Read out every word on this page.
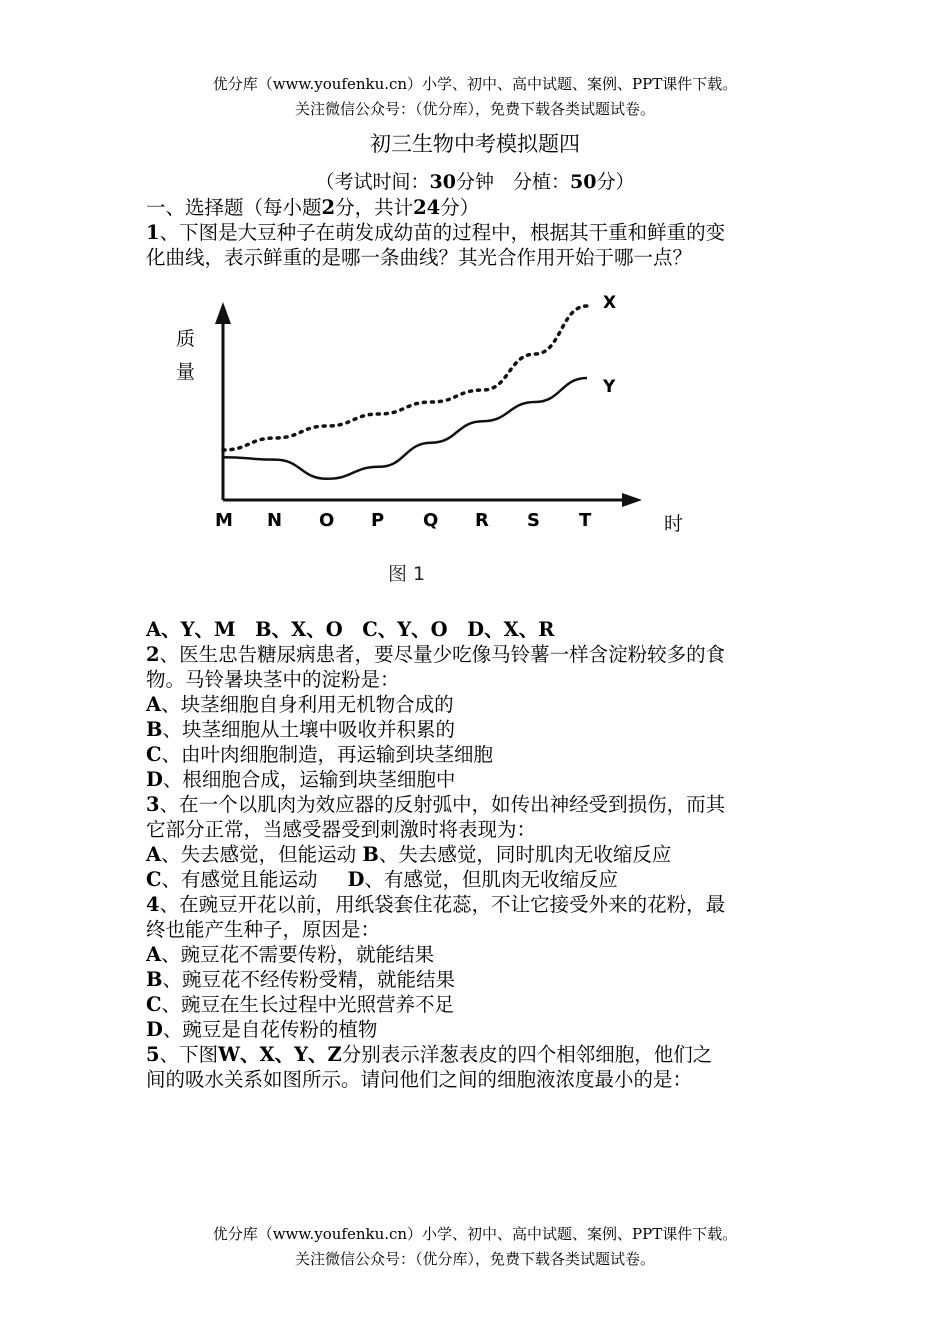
优分库（www.youfenku.cn）小学、初中、高中试题、案例、PPT课件下载。
关注微信公众号：（优分库），免费下载各类试题试卷。
初三生物中考模拟题四
（考试时间：30分钟　分植：50分）
一、选择题（每小题2分，共计24分）
1、下图是大豆种子在萌发成幼苗的过程中，根据其干重和鲜重的变
化曲线，表示鲜重的是哪一条曲线？其光合作用开始于哪一点？
M N O P Q R S T
X
Y
质
量
时
图 1
A、Y、M　B、X、O　C、Y、O　D、X、R
2、医生忠告糖尿病患者，要尽量少吃像马铃薯一样含淀粉较多的食
物。马铃暑块茎中的淀粉是：
A、块茎细胞自身利用无机物合成的
B、块茎细胞从土壤中吸收并积累的
C、由叶肉细胞制造，再运输到块茎细胞
D、根细胞合成，运输到块茎细胞中
3、在一个以肌肉为效应器的反射弧中，如传出神经受到损伤，而其
它部分正常，当感受器受到刺激时将表现为：
A、失去感觉，但能运动 B、失去感觉，同时肌肉无收缩反应
C、有感觉且能运动 D、有感觉，但肌肉无收缩反应
4、在豌豆开花以前，用纸袋套住花蕊，不让它接受外来的花粉，最
终也能产生种子，原因是：
A、豌豆花不需要传粉，就能结果
B、豌豆花不经传粉受精，就能结果
C、豌豆在生长过程中光照营养不足
D、豌豆是自花传粉的植物
5、下图W、X、Y、Z分别表示洋葱表皮的四个相邻细胞，他们之
间的吸水关系如图所示。请问他们之间的细胞液浓度最小的是：
优分库（www.youfenku.cn）小学、初中、高中试题、案例、PPT课件下载。
关注微信公众号：（优分库），免费下载各类试题试卷。
